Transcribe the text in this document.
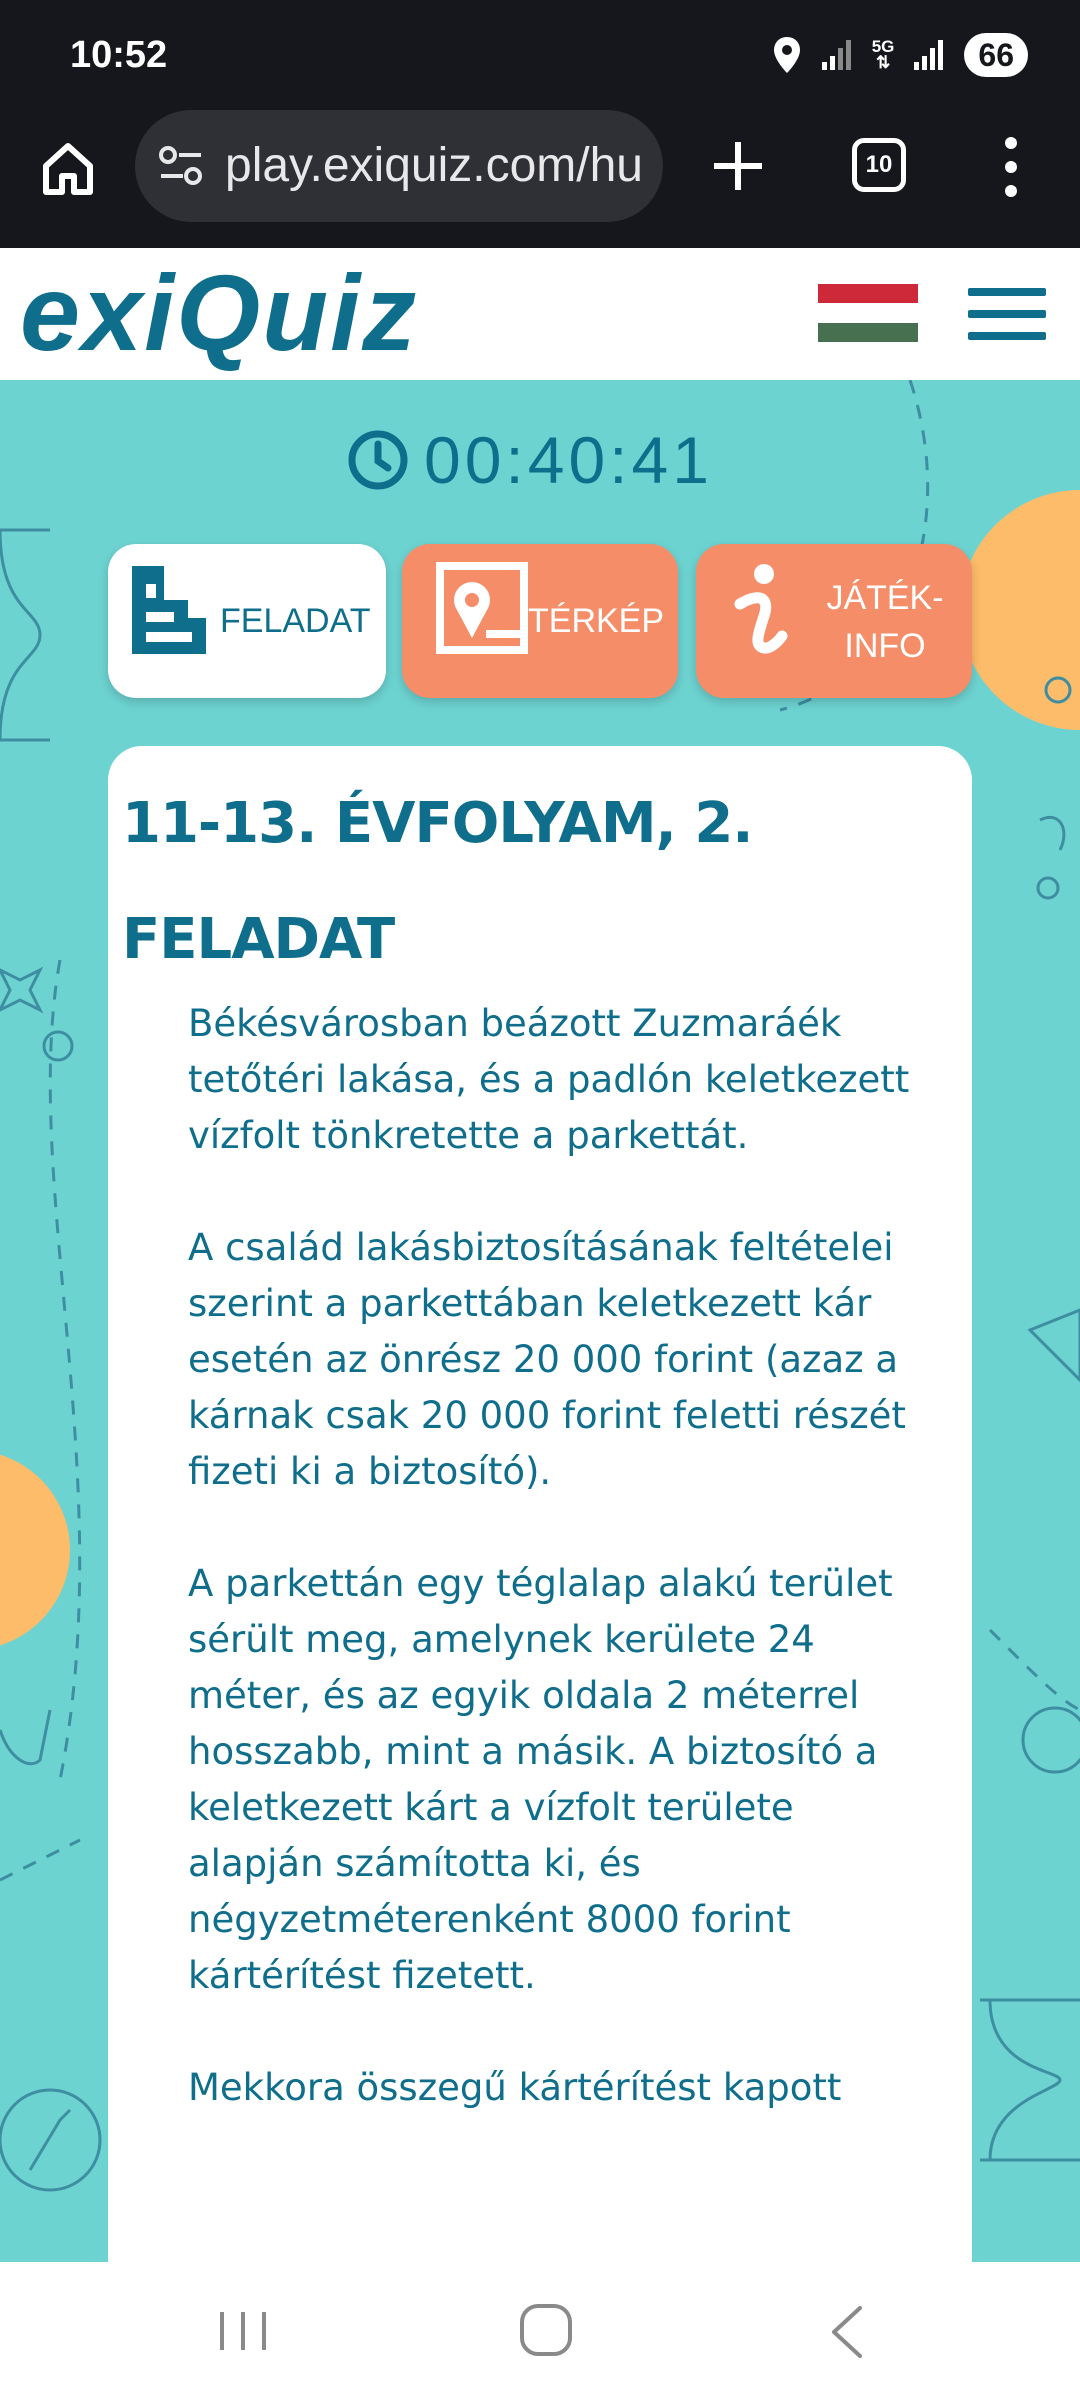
10:52	5G
⇅	66
play.exiquiz.com/hu	10
exiQuiz
00:40:41
FELADAT	TÉRKÉP
JÁTÉK-
INFO
11-13. ÉVFOLYAM, 2. FELADAT

Békésvárosban beázott Zuzmaráék tetőtéri lakása, és a padlón keletkezett vízfolt tönkretette a parkettát.

A család lakásbiztosításának feltételei szerint a parkettában keletkezett kár esetén az önrész 20 000 forint (azaz a kárnak csak 20 000 forint feletti részét fizeti ki a biztosító).

A parkettán egy téglalap alakú terület sérült meg, amelynek kerülete 24 méter, és az egyik oldala 2 méterrel hosszabb, mint a másik. A biztosító a keletkezett kárt a vízfolt területe alapján számította ki, és négyzetméterenként 8000 forint kártérítést fizetett.

Mekkora összegű kártérítést kapott
